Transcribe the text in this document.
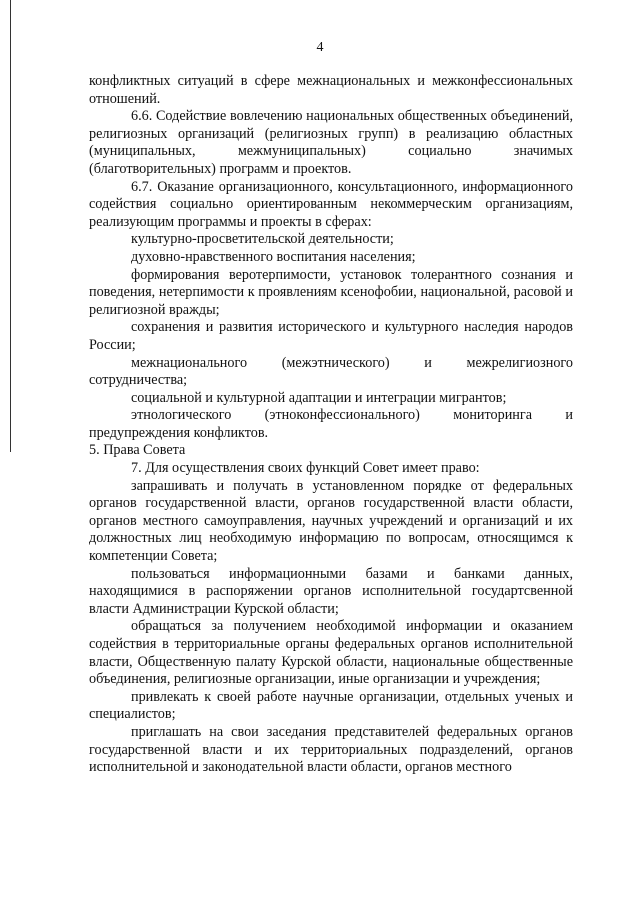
4

конфликтных ситуаций в сфере межнациональных и межконфессиональных отношений.

6.6. Содействие вовлечению национальных общественных объединений, религиозных организаций (религиозных групп) в реализацию областных (муниципальных, межмуниципальных) социально значимых (благотворительных) программ и проектов.

6.7. Оказание организационного, консультационного, информационного содействия социально ориентированным некоммерческим организациям, реализующим программы и проекты в сферах:

культурно-просветительской деятельности;

духовно-нравственного воспитания населения;

формирования веротерпимости, установок толерантного сознания и поведения, нетерпимости к проявлениям ксенофобии, национальной, расовой и религиозной вражды;

сохранения и развития исторического и культурного наследия народов России;

межнационального (межэтнического) и межрелигиозного сотрудничества;

социальной и культурной адаптации и интеграции мигрантов;

этнологического (этноконфессионального) мониторинга и предупреждения конфликтов.

5. Права Совета

7. Для осуществления своих функций Совет имеет право:

запрашивать и получать в установленном порядке от федеральных органов государственной власти, органов государственной власти области, органов местного самоуправления, научных учреждений и организаций и их должностных лиц необходимую информацию по вопросам, относящимся к компетенции Совета;

пользоваться информационными базами и банками данных, находящимися в распоряжении органов исполнительной государтсвенной власти Администрации Курской области;

обращаться за получением необходимой информации и оказанием содействия в территориальные органы федеральных органов исполнительной власти, Общественную палату Курской области, национальные общественные объединения, религиозные организации, иные организации и учреждения;

привлекать к своей работе научные организации, отдельных ученых и специалистов;

приглашать на свои заседания представителей федеральных органов государственной власти и их территориальных подразделений, органов исполнительной и законодательной власти области, органов местного
